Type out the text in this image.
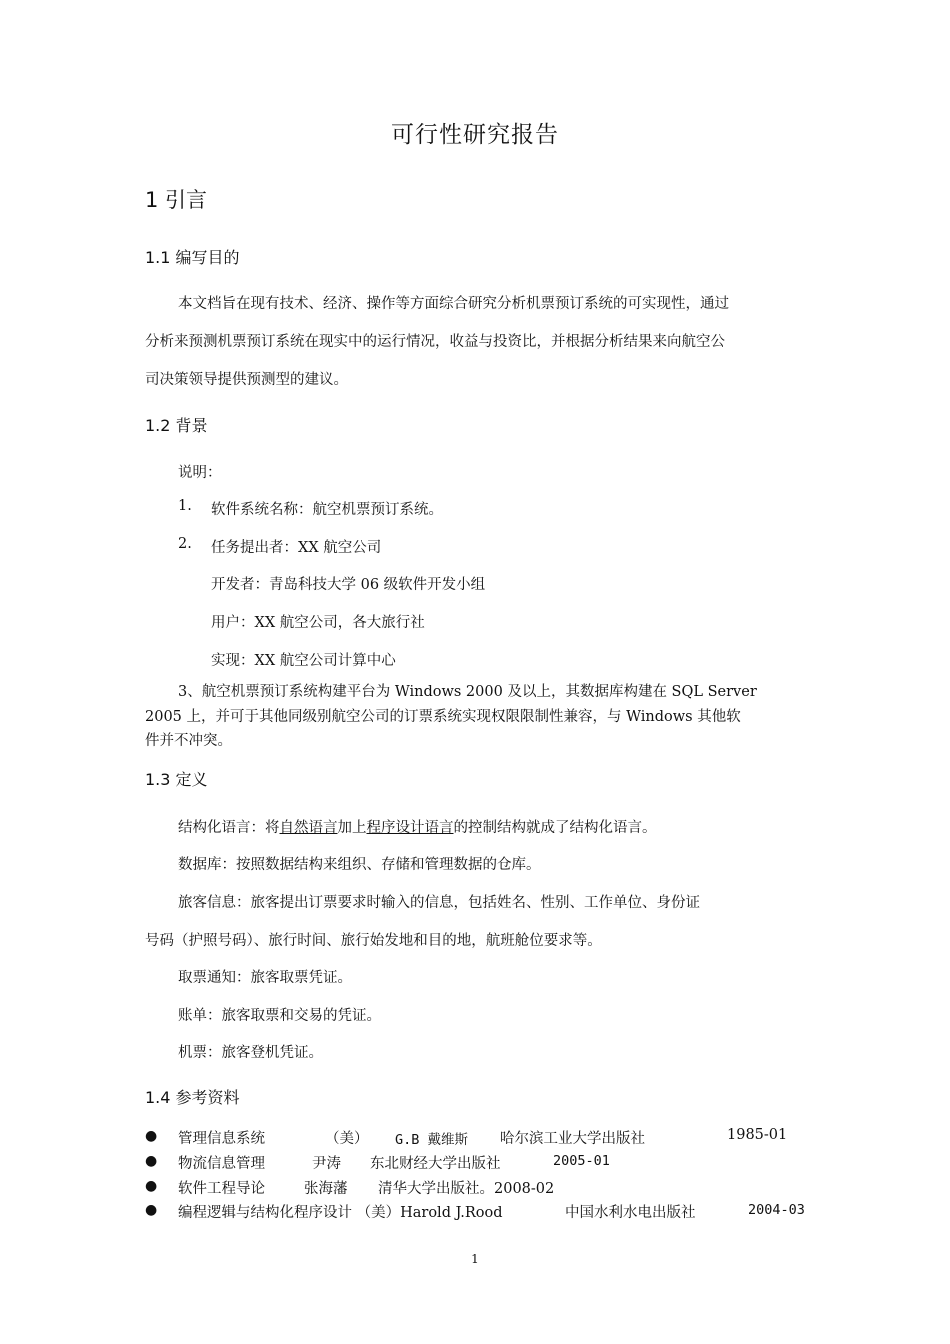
可行性研究报告
1 引言
1.1 编写目的
本文档旨在现有技术、经济、操作等方面综合研究分析机票预订系统的可实现性，通过
分析来预测机票预订系统在现实中的运行情况，收益与投资比，并根据分析结果来向航空公
司决策领导提供预测型的建议。
1.2 背景
说明：
1. 软件系统名称：航空机票预订系统。
2. 任务提出者：XX 航空公司
开发者：青岛科技大学 06 级软件开发小组
用户：XX 航空公司，各大旅行社
实现：XX 航空公司计算中心
3、航空机票预订系统构建平台为 Windows 2000 及以上，其数据库构建在 SQL Server
2005 上，并可于其他同级别航空公司的订票系统实现权限限制性兼容，与 Windows 其他软
件并不冲突。
1.3 定义
结构化语言：将自然语言加上程序设计语言的控制结构就成了结构化语言。
数据库：按照数据结构来组织、存储和管理数据的仓库。
旅客信息：旅客提出订票要求时输入的信息，包括姓名、性别、工作单位、身份证
号码（护照号码）、旅行时间、旅行始发地和目的地，航班舱位要求等。
取票通知：旅客取票凭证。
账单：旅客取票和交易的凭证。
机票：旅客登机凭证。
1.4 参考资料
● 管理信息系统	（美） G.B 戴维斯 哈尔滨工业大学出版社	1985-01
● 物流信息管理	尹涛 东北财经大学出版社	2005-01
● 软件工程导论	张海藩 清华大学出版社。2008-02
● 编程逻辑与结构化程序设计 （美）Harold J.Rood	中国水利水电出版社	2004-03
1
